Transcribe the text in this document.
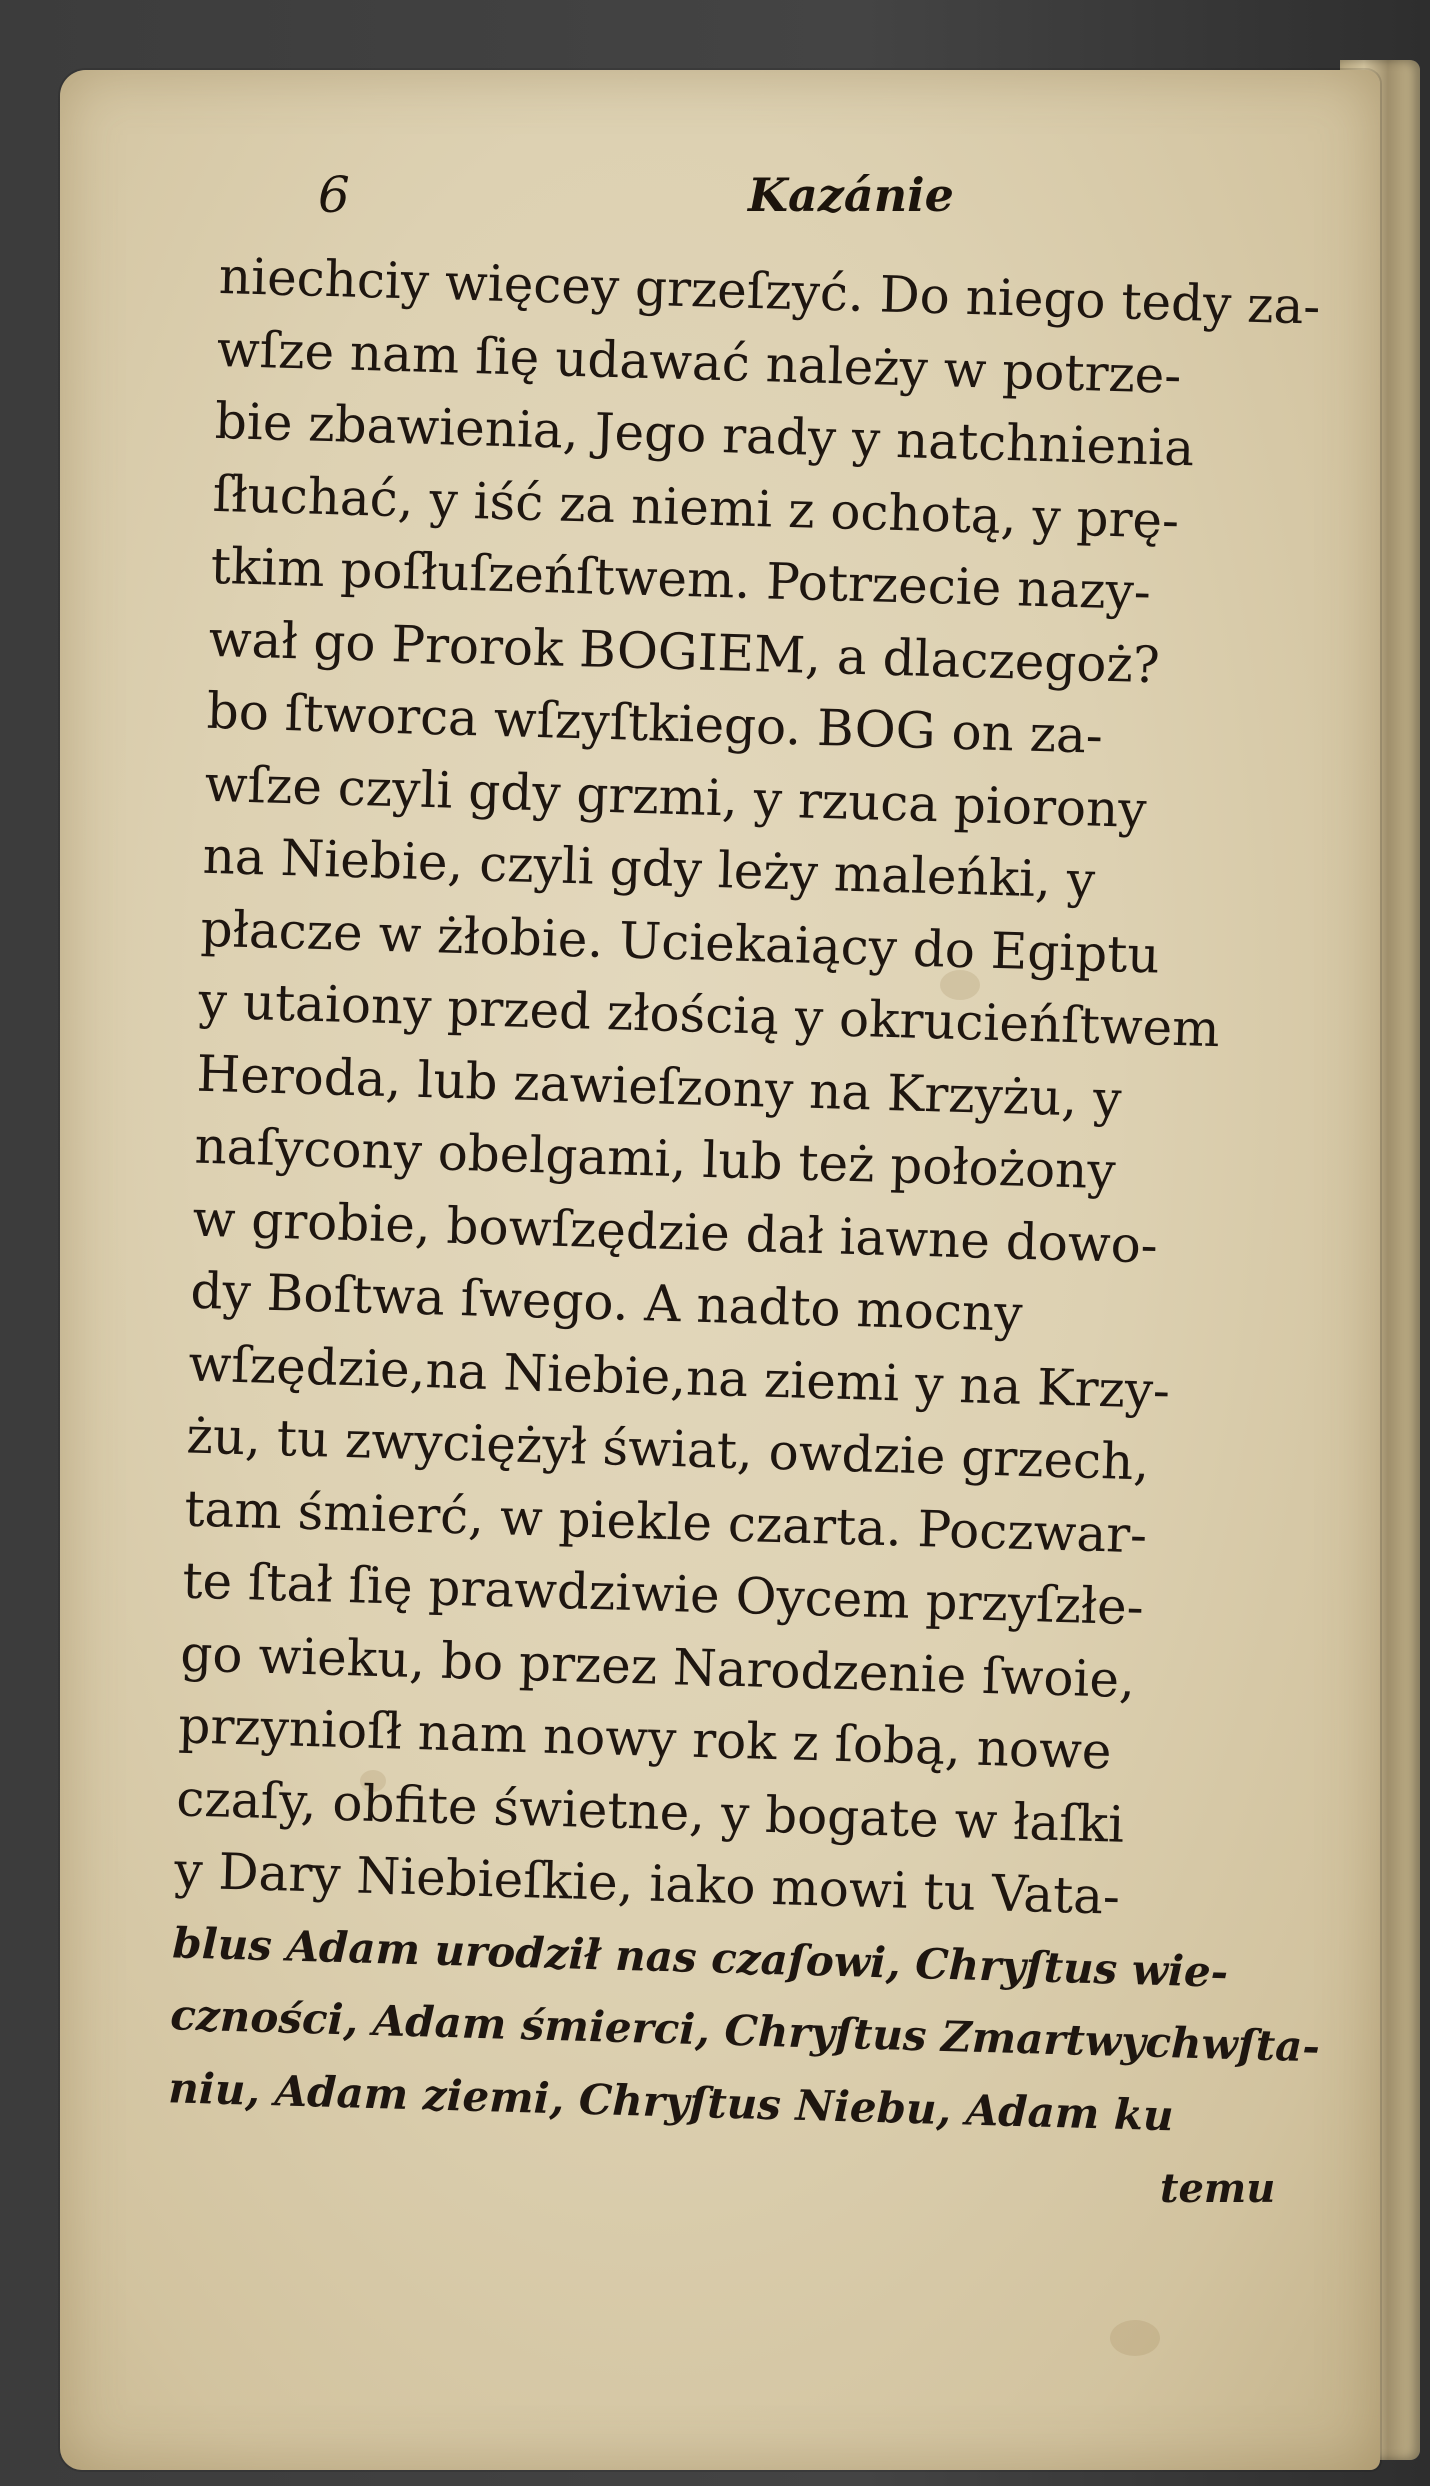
6	Kazánie
niechciy więcey grzeſzyć. Do niego tedy za-
wſze nam ſię udawać należy w potrze-
bie zbawienia, Jego rady y natchnienia
ſłuchać, y iść za niemi z ochotą, y prę-
tkim poſłuſzeńſtwem. Potrzecie nazy-
wał go Prorok BOGIEM, a dlaczegoż?
bo ſtworca wſzyſtkiego. BOG on za-
wſze czyli gdy grzmi, y rzuca piorony
na Niebie, czyli gdy leży maleńki, y
płacze w żłobie. Uciekaiący do Egiptu
y utaiony przed złością y okrucieńſtwem
Heroda, lub zawieſzony na Krzyżu, y
naſycony obelgami, lub też położony
w grobie, bowſzędzie dał iawne dowo-
dy Boſtwa ſwego. A nadto mocny
wſzędzie,na Niebie,na ziemi y na Krzy-
żu, tu zwyciężył świat, owdzie grzech,
tam śmierć, w piekle czarta. Poczwar-
te ſtał ſię prawdziwie Oycem przyſzłe-
go wieku, bo przez Narodzenie ſwoie,
przynioſł nam nowy rok z ſobą, nowe
czaſy, obfite świetne, y bogate w łaſki
y Dary Niebieſkie, iako mowi tu Vata-
blus Adam urodził nas czaſowi, Chryſtus wie-
czności, Adam śmierci, Chryſtus Zmartwychwſta-
niu, Adam ziemi, Chryſtus Niebu, Adam ku
temu
